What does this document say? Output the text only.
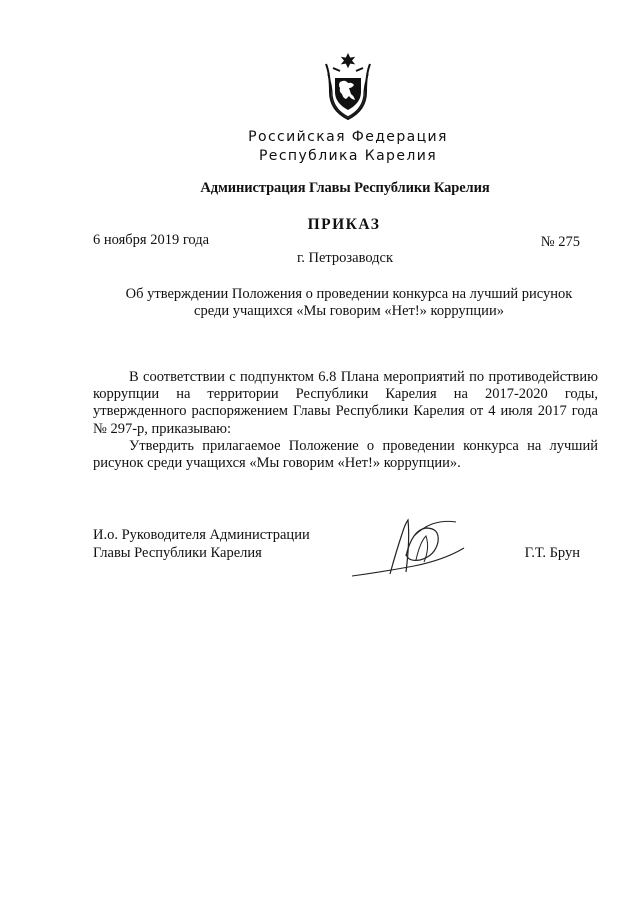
Российская Федерация
Республика Карелия
Администрация Главы Республики Карелия
ПРИКАЗ
6 ноября 2019 года	№ 275
г. Петрозаводск
Об утверждении Положения о проведении конкурса на лучший рисунок
среди учащихся «Мы говорим «Нет!» коррупции»

В соответствии с подпунктом 6.8 Плана мероприятий по противодействию коррупции на территории Республики Карелия на 2017-2020 годы, утвержденного распоряжением Главы Республики Карелия от 4 июля 2017 года № 297-р, приказываю:

Утвердить прилагаемое Положение о проведении конкурса на лучший рисунок среди учащихся «Мы говорим «Нет!» коррупции».

И.о. Руководителя Администрации
Главы Республики Карелия	Г.Т. Брун
